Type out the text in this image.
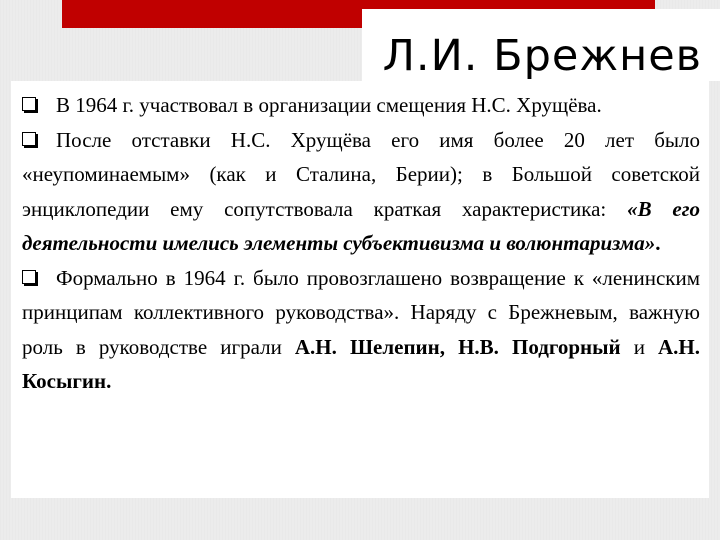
Л.И. Брежнев

В 1964 г. участвовал в организации смещения Н.С. Хрущёва.

После отставки Н.С. Хрущёва его имя более 20 лет было «неупоминаемым» (как и Сталина, Берии); в Большой советской энциклопедии ему сопутствовала краткая характеристика: «В его деятельности имелись элементы субъективизма и волюнтаризма».

Формально в 1964 г. было провозглашено возвращение к «ленинским принципам коллективного руководства». Наряду с Брежневым, важную роль в руководстве играли А.Н. Шелепин, Н.В. Подгорный и А.Н. Косыгин.
